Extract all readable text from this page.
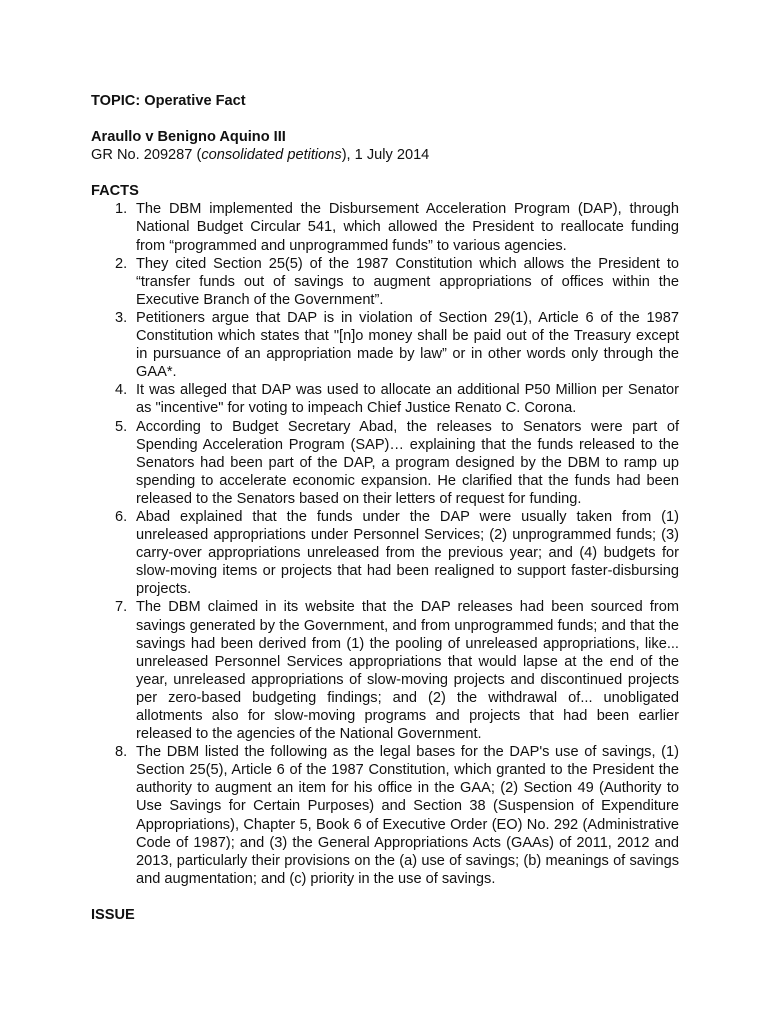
TOPIC: Operative Fact

Araullo v Benigno Aquino III

GR No. 209287 (consolidated petitions), 1 July 2014

FACTS

1. The DBM implemented the Disbursement Acceleration Program (DAP), through National Budget Circular 541, which allowed the President to reallocate funding from “programmed and unprogrammed funds” to various agencies.
2. They cited Section 25(5) of the 1987 Constitution which allows the President to “transfer funds out of savings to augment appropriations of offices within the Executive Branch of the Government”.
3. Petitioners argue that DAP is in violation of Section 29(1), Article 6 of the 1987 Constitution which states that "[n]o money shall be paid out of the Treasury except in pursuance of an appropriation made by law” or in other words only through the GAA*.
4. It was alleged that DAP was used to allocate an additional P50 Million per Senator as "incentive" for voting to impeach Chief Justice Renato C. Corona.
5. According to Budget Secretary Abad, the releases to Senators were part of Spending Acceleration Program (SAP)… explaining that the funds released to the Senators had been part of the DAP, a program designed by the DBM to ramp up spending to accelerate economic expansion. He clarified that the funds had been released to the Senators based on their letters of request for funding.
6. Abad explained that the funds under the DAP were usually taken from (1) unreleased appropriations under Personnel Services; (2) unprogrammed funds; (3) carry-over appropriations unreleased from the previous year; and (4) budgets for slow-moving items or projects that had been realigned to support faster-disbursing projects.
7. The DBM claimed in its website that the DAP releases had been sourced from savings generated by the Government, and from unprogrammed funds; and that the savings had been derived from (1) the pooling of unreleased appropriations, like... unreleased Personnel Services appropriations that would lapse at the end of the year, unreleased appropriations of slow-moving projects and discontinued projects per zero-based budgeting findings; and (2) the withdrawal of... unobligated allotments also for slow-moving programs and projects that had been earlier released to the agencies of the National Government.
8. The DBM listed the following as the legal bases for the DAP's use of savings, (1) Section 25(5), Article 6 of the 1987 Constitution, which granted to the President the authority to augment an item for his office in the GAA; (2) Section 49 (Authority to Use Savings for Certain Purposes) and Section 38 (Suspension of Expenditure Appropriations), Chapter 5, Book 6 of Executive Order (EO) No. 292 (Administrative Code of 1987); and (3) the General Appropriations Acts (GAAs) of 2011, 2012 and 2013, particularly their provisions on the (a) use of savings; (b) meanings of savings and augmentation; and (c) priority in the use of savings.

ISSUE
